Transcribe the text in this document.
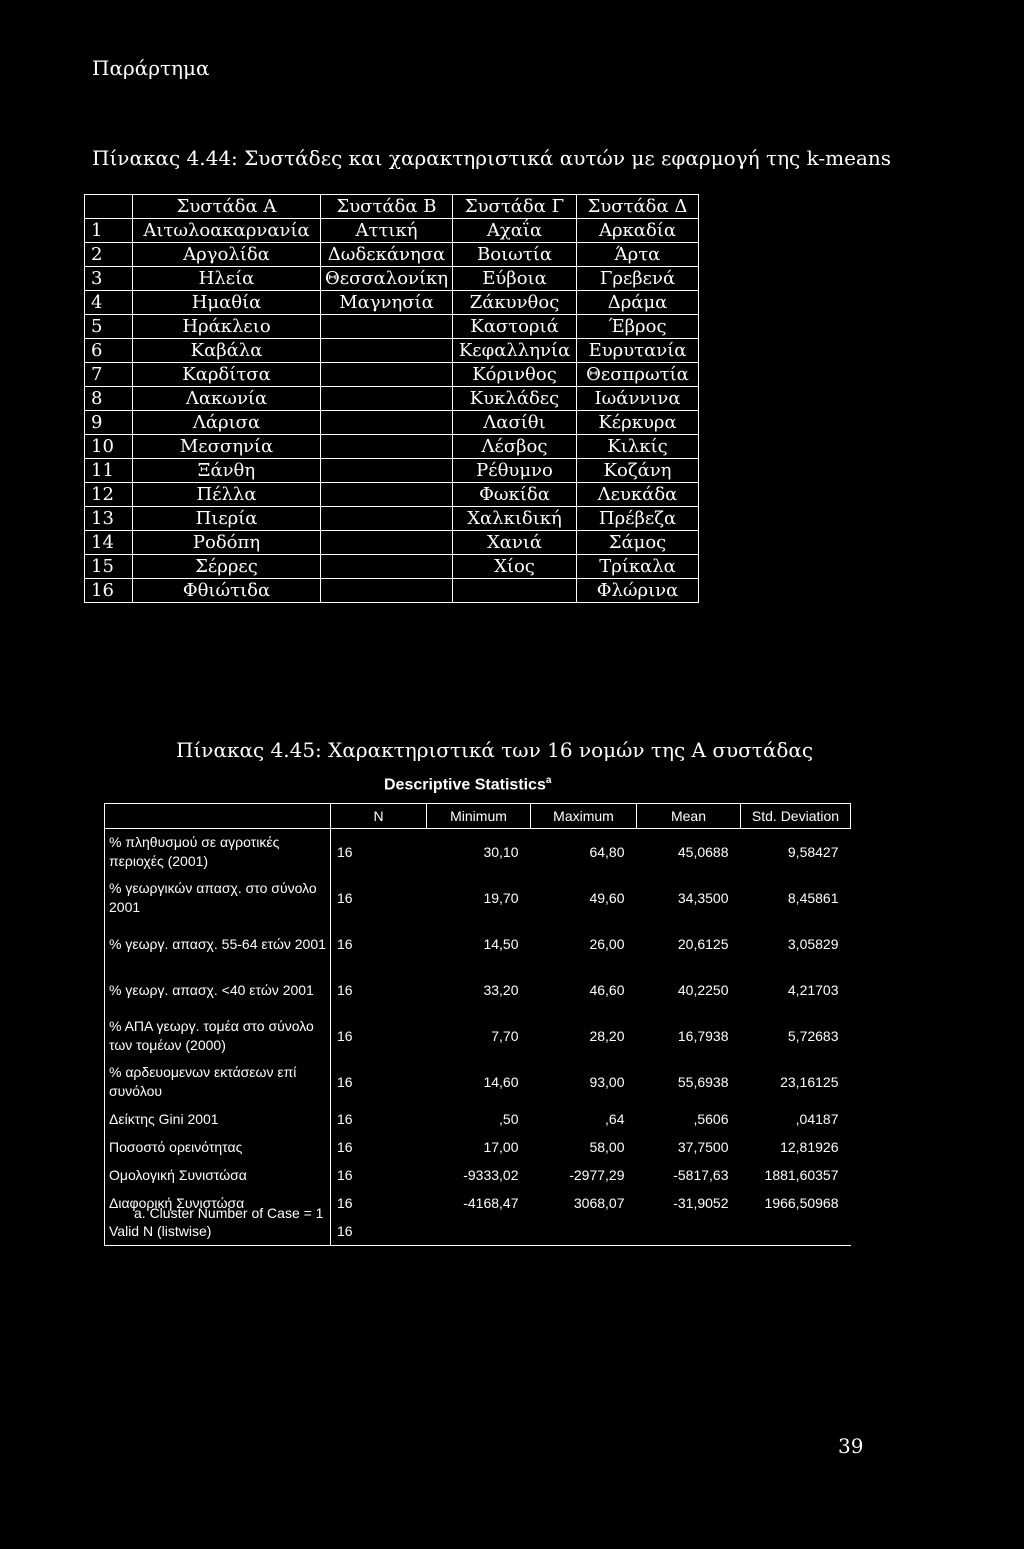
Παράρτημα
Πίνακας 4.44: Συστάδες και χαρακτηριστικά αυτών με εφαρμογή της k-means
	Συστάδα Α	Συστάδα Β	Συστάδα Γ	Συστάδα Δ
1	Αιτωλοακαρνανία	Αττική	Αχαΐα	Αρκαδία
2	Αργολίδα	Δωδεκάνησα	Βοιωτία	Άρτα
3	Ηλεία	Θεσσαλονίκη	Εύβοια	Γρεβενά
4	Ημαθία	Μαγνησία	Ζάκυνθος	Δράμα
5	Ηράκλειο		Καστοριά	Έβρος
6	Καβάλα		Κεφαλληνία	Ευρυτανία
7	Καρδίτσα		Κόρινθος	Θεσπρωτία
8	Λακωνία		Κυκλάδες	Ιωάννινα
9	Λάρισα		Λασίθι	Κέρκυρα
10	Μεσσηνία		Λέσβος	Κιλκίς
11	Ξάνθη		Ρέθυμνο	Κοζάνη
12	Πέλλα		Φωκίδα	Λευκάδα
13	Πιερία		Χαλκιδική	Πρέβεζα
14	Ροδόπη		Χανιά	Σάμος
15	Σέρρες		Χίος	Τρίκαλα
16	Φθιώτιδα			Φλώρινα
Πίνακας 4.45: Χαρακτηριστικά των 16 νομών της Α συστάδας
Descriptive Statistics$^a$
	N	Minimum	Maximum	Mean	Std. Deviation
% πληθυσμού σε αγροτικές περιοχές (2001)	16	30,10	64,80	45,0688	9,58427
% γεωργικών απασχ. στο σύνολο 2001	16	19,70	49,60	34,3500	8,45861
% γεωργ. απασχ. 55-64 ετών 2001	16	14,50	26,00	20,6125	3,05829
% γεωργ. απασχ. <40 ετών 2001	16	33,20	46,60	40,2250	4,21703
% ΑΠΑ γεωργ. τομέα στο σύνολο των τομέων (2000)	16	7,70	28,20	16,7938	5,72683
% αρδευομενων εκτάσεων επί συνόλου	16	14,60	93,00	55,6938	23,16125
Δείκτης Gini 2001	16	,50	,64	,5606	,04187
Ποσοστό ορεινότητας	16	17,00	58,00	37,7500	12,81926
Ομολογική Συνιστώσα	16	-9333,02	-2977,29	-5817,63	1881,60357
Διαφορική Συνιστώσα	16	-4168,47	3068,07	-31,9052	1966,50968
Valid N (listwise)	16				
a. Cluster Number of Case = 1
39
